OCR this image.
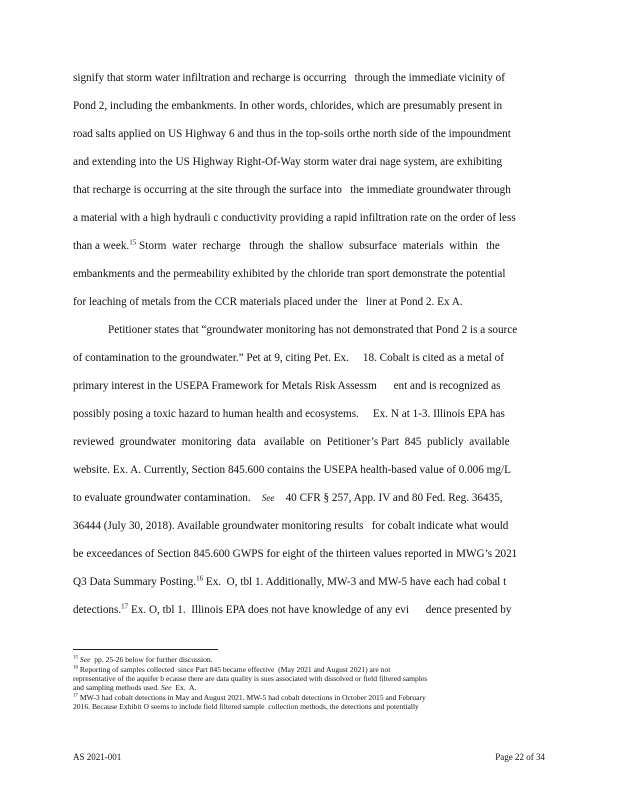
signify that storm water infiltration and recharge is occurring   through the immediate vicinity of

Pond 2, including the embankments. In other words, chlorides, which are presumably present in

road salts applied on US Highway 6 and thus in the top-soils orthe north side of the impoundment

and extending into the US Highway Right-Of-Way storm water drai nage system, are exhibiting

that recharge is occurring at the site through the surface into   the immediate groundwater through

a material with a high hydrauli c conductivity providing a rapid infiltration rate on the order of less

than a week.$^{15}$ Storm  water  recharge   through  the  shallow  subsurface  materials  within   the

embankments and the permeability exhibited by the chloride tran sport demonstrate the potential

for leaching of metals from the CCR materials placed under the   liner at Pond 2. Ex A.

Petitioner states that “groundwater monitoring has not demonstrated that Pond 2 is a source

of contamination to the groundwater.” Pet at 9, citing Pet. Ex.     18. Cobalt is cited as a metal of

primary interest in the USEPA Framework for Metals Risk Assessm      ent and is recognized as

possibly posing a toxic hazard to human health and ecosystems.     Ex. N at 1-3. Illinois EPA has

reviewed  groundwater  monitoring  data   available  on  Petitioner’s Part  845  publicly  available

website. Ex. A. Currently, Section 845.600 contains the USEPA health-based value of 0.006 mg/L

to evaluate groundwater contamination. See 40 CFR § 257, App. IV and 80 Fed. Reg. 36435,

36444 (July 30, 2018). Available groundwater monitoring results   for cobalt indicate what would

be exceedances of Section 845.600 GWPS for eight of the thirteen values reported in MWG’s 2021

Q3 Data Summary Posting.$^{16}$ Ex.  O, tbl 1. Additionally, MW-3 and MW-5 have each had cobal t

detections.$^{17}$ Ex. O, tbl 1.  Illinois EPA does not have knowledge of any evi      dence presented by

$^{15}$ See pp. 25-26 below for further discussion.

$^{16}$ Reporting of samples collected  since Part 845 became effective  (May 2021 and August 2021) are not

representative of the aquifer b ecause there are data quality is sues associated with dissolved or field filtered samples

and sampling methods used. See Ex.  A.

$^{17}$ MW-3 had cobalt detections in May and August 2021. MW-5 had cobalt detections in October 2015 and February

2016. Because Exhibit O seems to include field filtered sample  collection methods, the detections and potentially

AS 2021-001	Page 22 of 34
